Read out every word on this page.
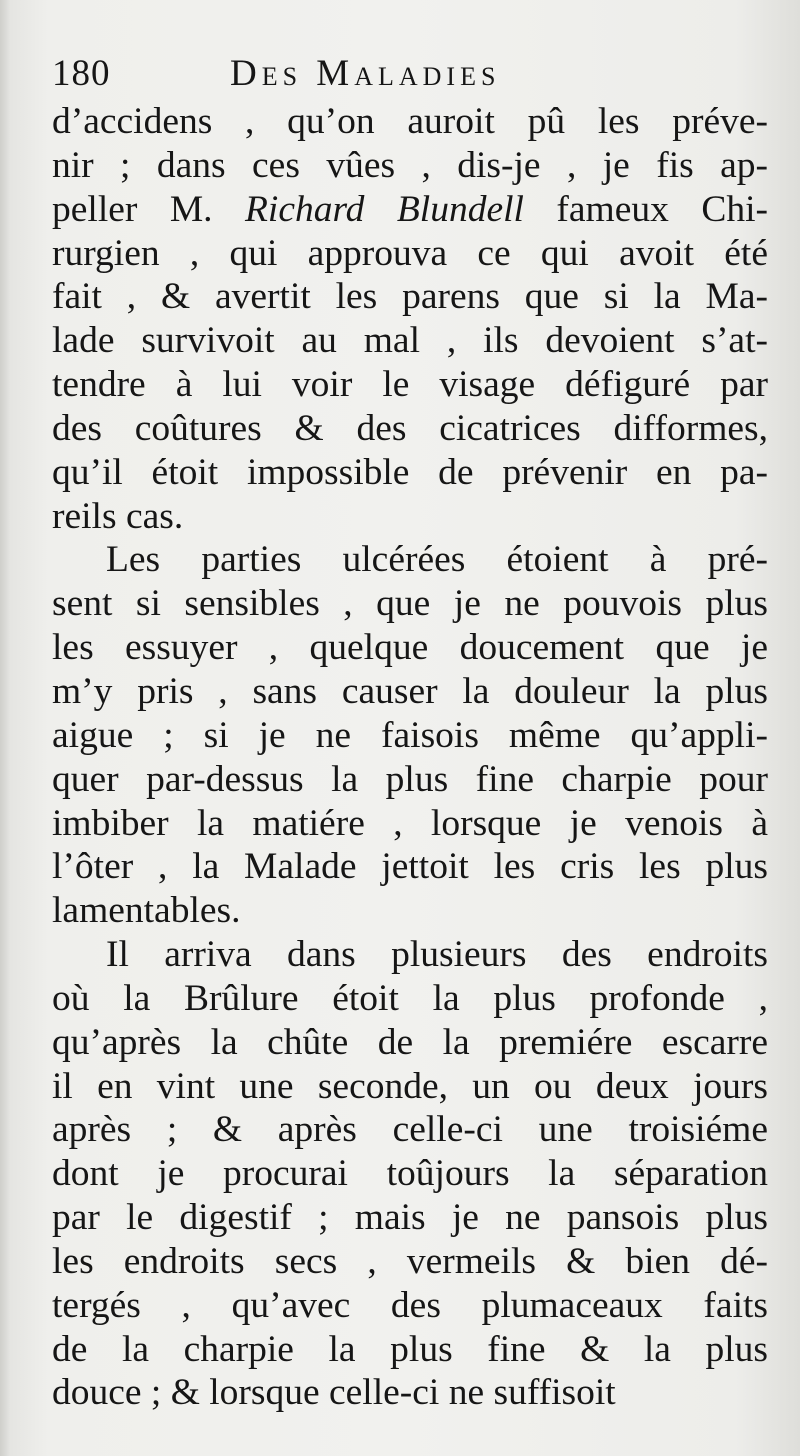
180	Des Maladies
d’accidens , qu’on auroit pû les préve-
nir ; dans ces vûes , dis-je , je fis ap-
peller M. Richard Blundell fameux Chi-
rurgien , qui approuva ce qui avoit été
fait , & avertit les parens que si la Ma-
lade survivoit au mal , ils devoient s’at-
tendre à lui voir le visage défiguré par
des coûtures & des cicatrices difformes,
qu’il étoit impossible de prévenir en pa-
reils cas.
Les parties ulcérées étoient à pré-
sent si sensibles , que je ne pouvois plus
les essuyer , quelque doucement que je
m’y pris , sans causer la douleur la plus
aigue ; si je ne faisois même qu’appli-
quer par-dessus la plus fine charpie pour
imbiber la matiére , lorsque je venois à
l’ôter , la Malade jettoit les cris les plus
lamentables.
Il arriva dans plusieurs des endroits
où la Brûlure étoit la plus profonde ,
qu’après la chûte de la premiére escarre
il en vint une seconde, un ou deux jours
après ; & après celle-ci une troisiéme
dont je procurai toûjours la séparation
par le digestif ; mais je ne pansois plus
les endroits secs , vermeils & bien dé-
tergés , qu’avec des plumaceaux faits
de la charpie la plus fine & la plus
douce ; & lorsque celle-ci ne suffisoit
